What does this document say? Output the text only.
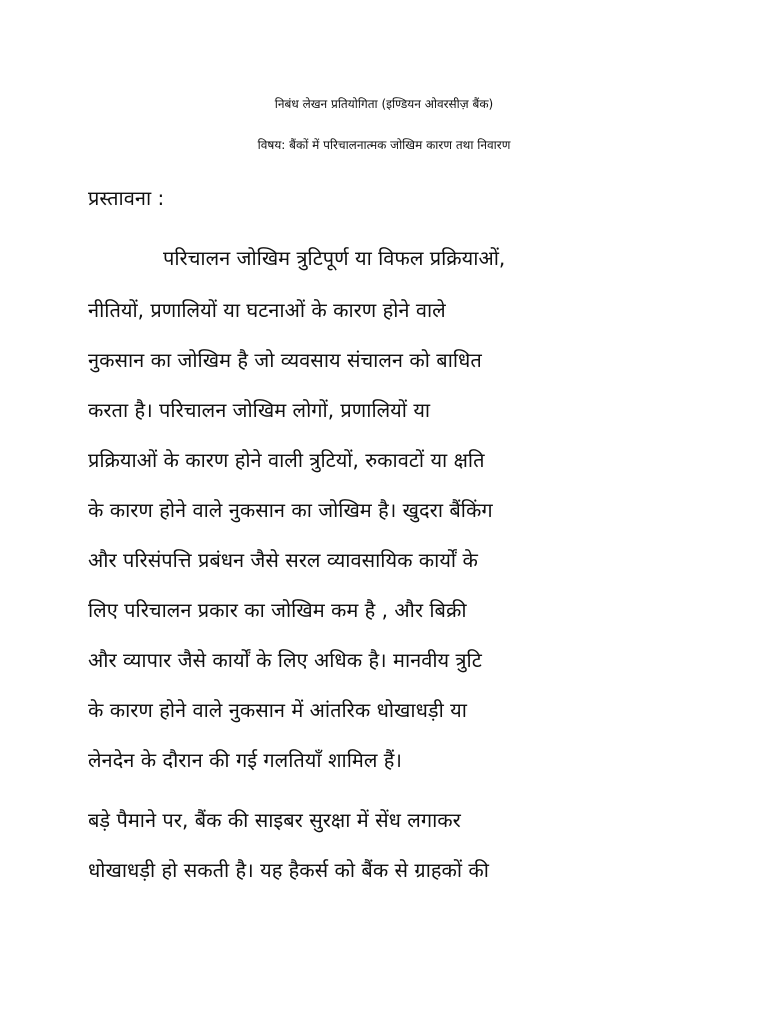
निबंध लेखन प्रतियोगिता (इण्डियन ओवरसीज़ बैंक)
विषय: बैंकों में परिचालनात्मक जोखिम कारण तथा निवारण
प्रस्तावना :
परिचालन जोखिम त्रुटिपूर्ण या विफल प्रक्रियाओं,
नीतियों, प्रणालियों या घटनाओं के कारण होने वाले
नुकसान का जोखिम है जो व्यवसाय संचालन को बाधित
करता है। परिचालन जोखिम लोगों, प्रणालियों या
प्रक्रियाओं के कारण होने वाली त्रुटियों, रुकावटों या क्षति
के कारण होने वाले नुकसान का जोखिम है। खुदरा बैंकिंग
और परिसंपत्ति प्रबंधन जैसे सरल व्यावसायिक कार्यों के
लिए परिचालन प्रकार का जोखिम कम है , और बिक्री
और व्यापार जैसे कार्यों के लिए अधिक है। मानवीय त्रुटि
के कारण होने वाले नुकसान में आंतरिक धोखाधड़ी या
लेनदेन के दौरान की गई गलतियाँ शामिल हैं।
बड़े पैमाने पर, बैंक की साइबर सुरक्षा में सेंध लगाकर
धोखाधड़ी हो सकती है। यह हैकर्स को बैंक से ग्राहकों की
